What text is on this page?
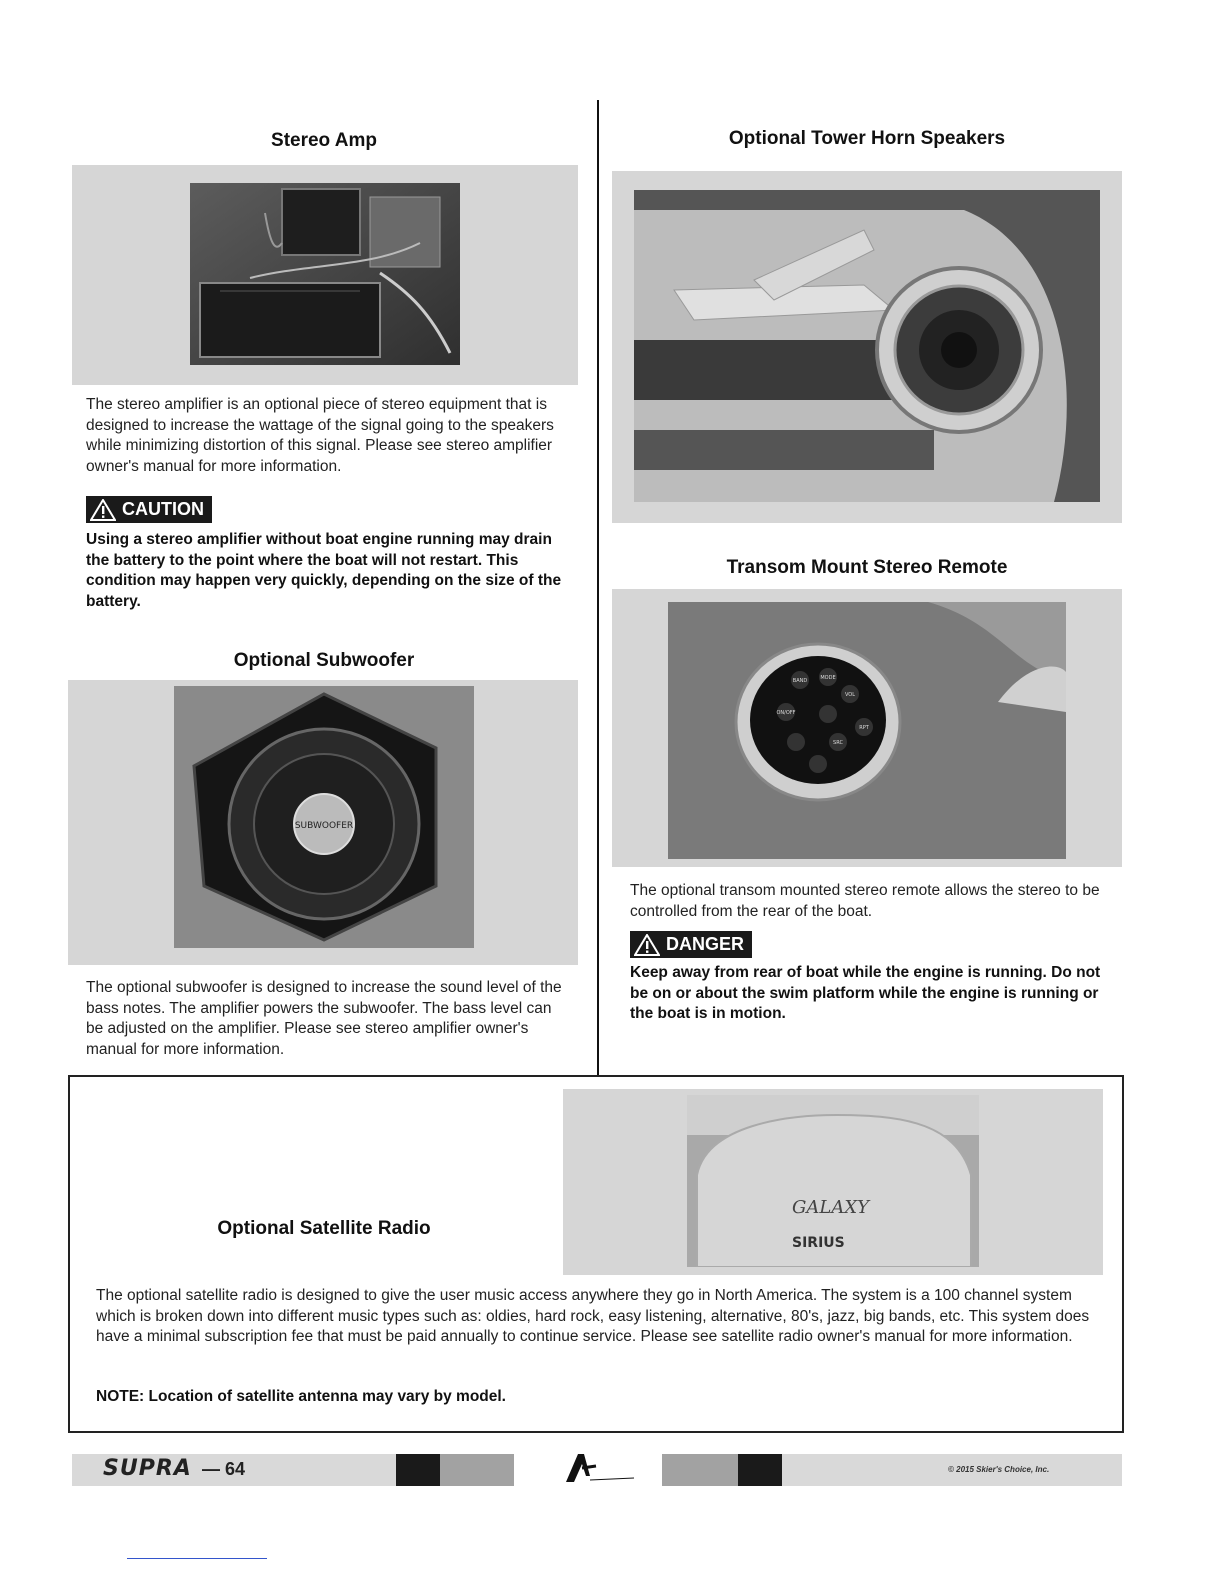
Stereo Amp
The stereo amplifier is an optional piece of stereo equipment that is designed to increase the wattage of the signal going to the speakers while minimizing distortion of this signal. Please see stereo amplifier owner's manual for more information.
CAUTION
Using a stereo amplifier without boat engine running may drain the battery to the point where the boat will not restart. This condition may happen very quickly, depending on the size of the battery.
Optional Subwoofer
SUBWOOFER
The optional subwoofer is designed to increase the sound level of the bass notes. The amplifier powers the subwoofer. The bass level can be adjusted on the amplifier. Please see stereo amplifier owner's manual for more information.
Optional Tower Horn Speakers
Transom Mount Stereo Remote
BAND	MODE
VOL
ON/OFF
RPT
SRC
The optional transom mounted stereo remote allows the stereo to be controlled from the rear of the boat.
DANGER
Keep away from rear of boat while the engine is running. Do not be on or about the swim platform while the engine is running or the boat is in motion.
Optional Satellite Radio
GALAXY
SIRIUS
The optional satellite radio is designed to give the user music access anywhere they go in North America. The system is a 100 channel system which is broken down into different music types such as: oldies, hard rock, easy listening, alternative, 80's, jazz, big bands, etc. This system does have a minimal subscription fee that must be paid annually to continue service. Please see satellite radio owner's manual for more information.
NOTE: Location of satellite antenna may vary by model.
SUPRA — 64	© 2015 Skier's Choice, Inc.
